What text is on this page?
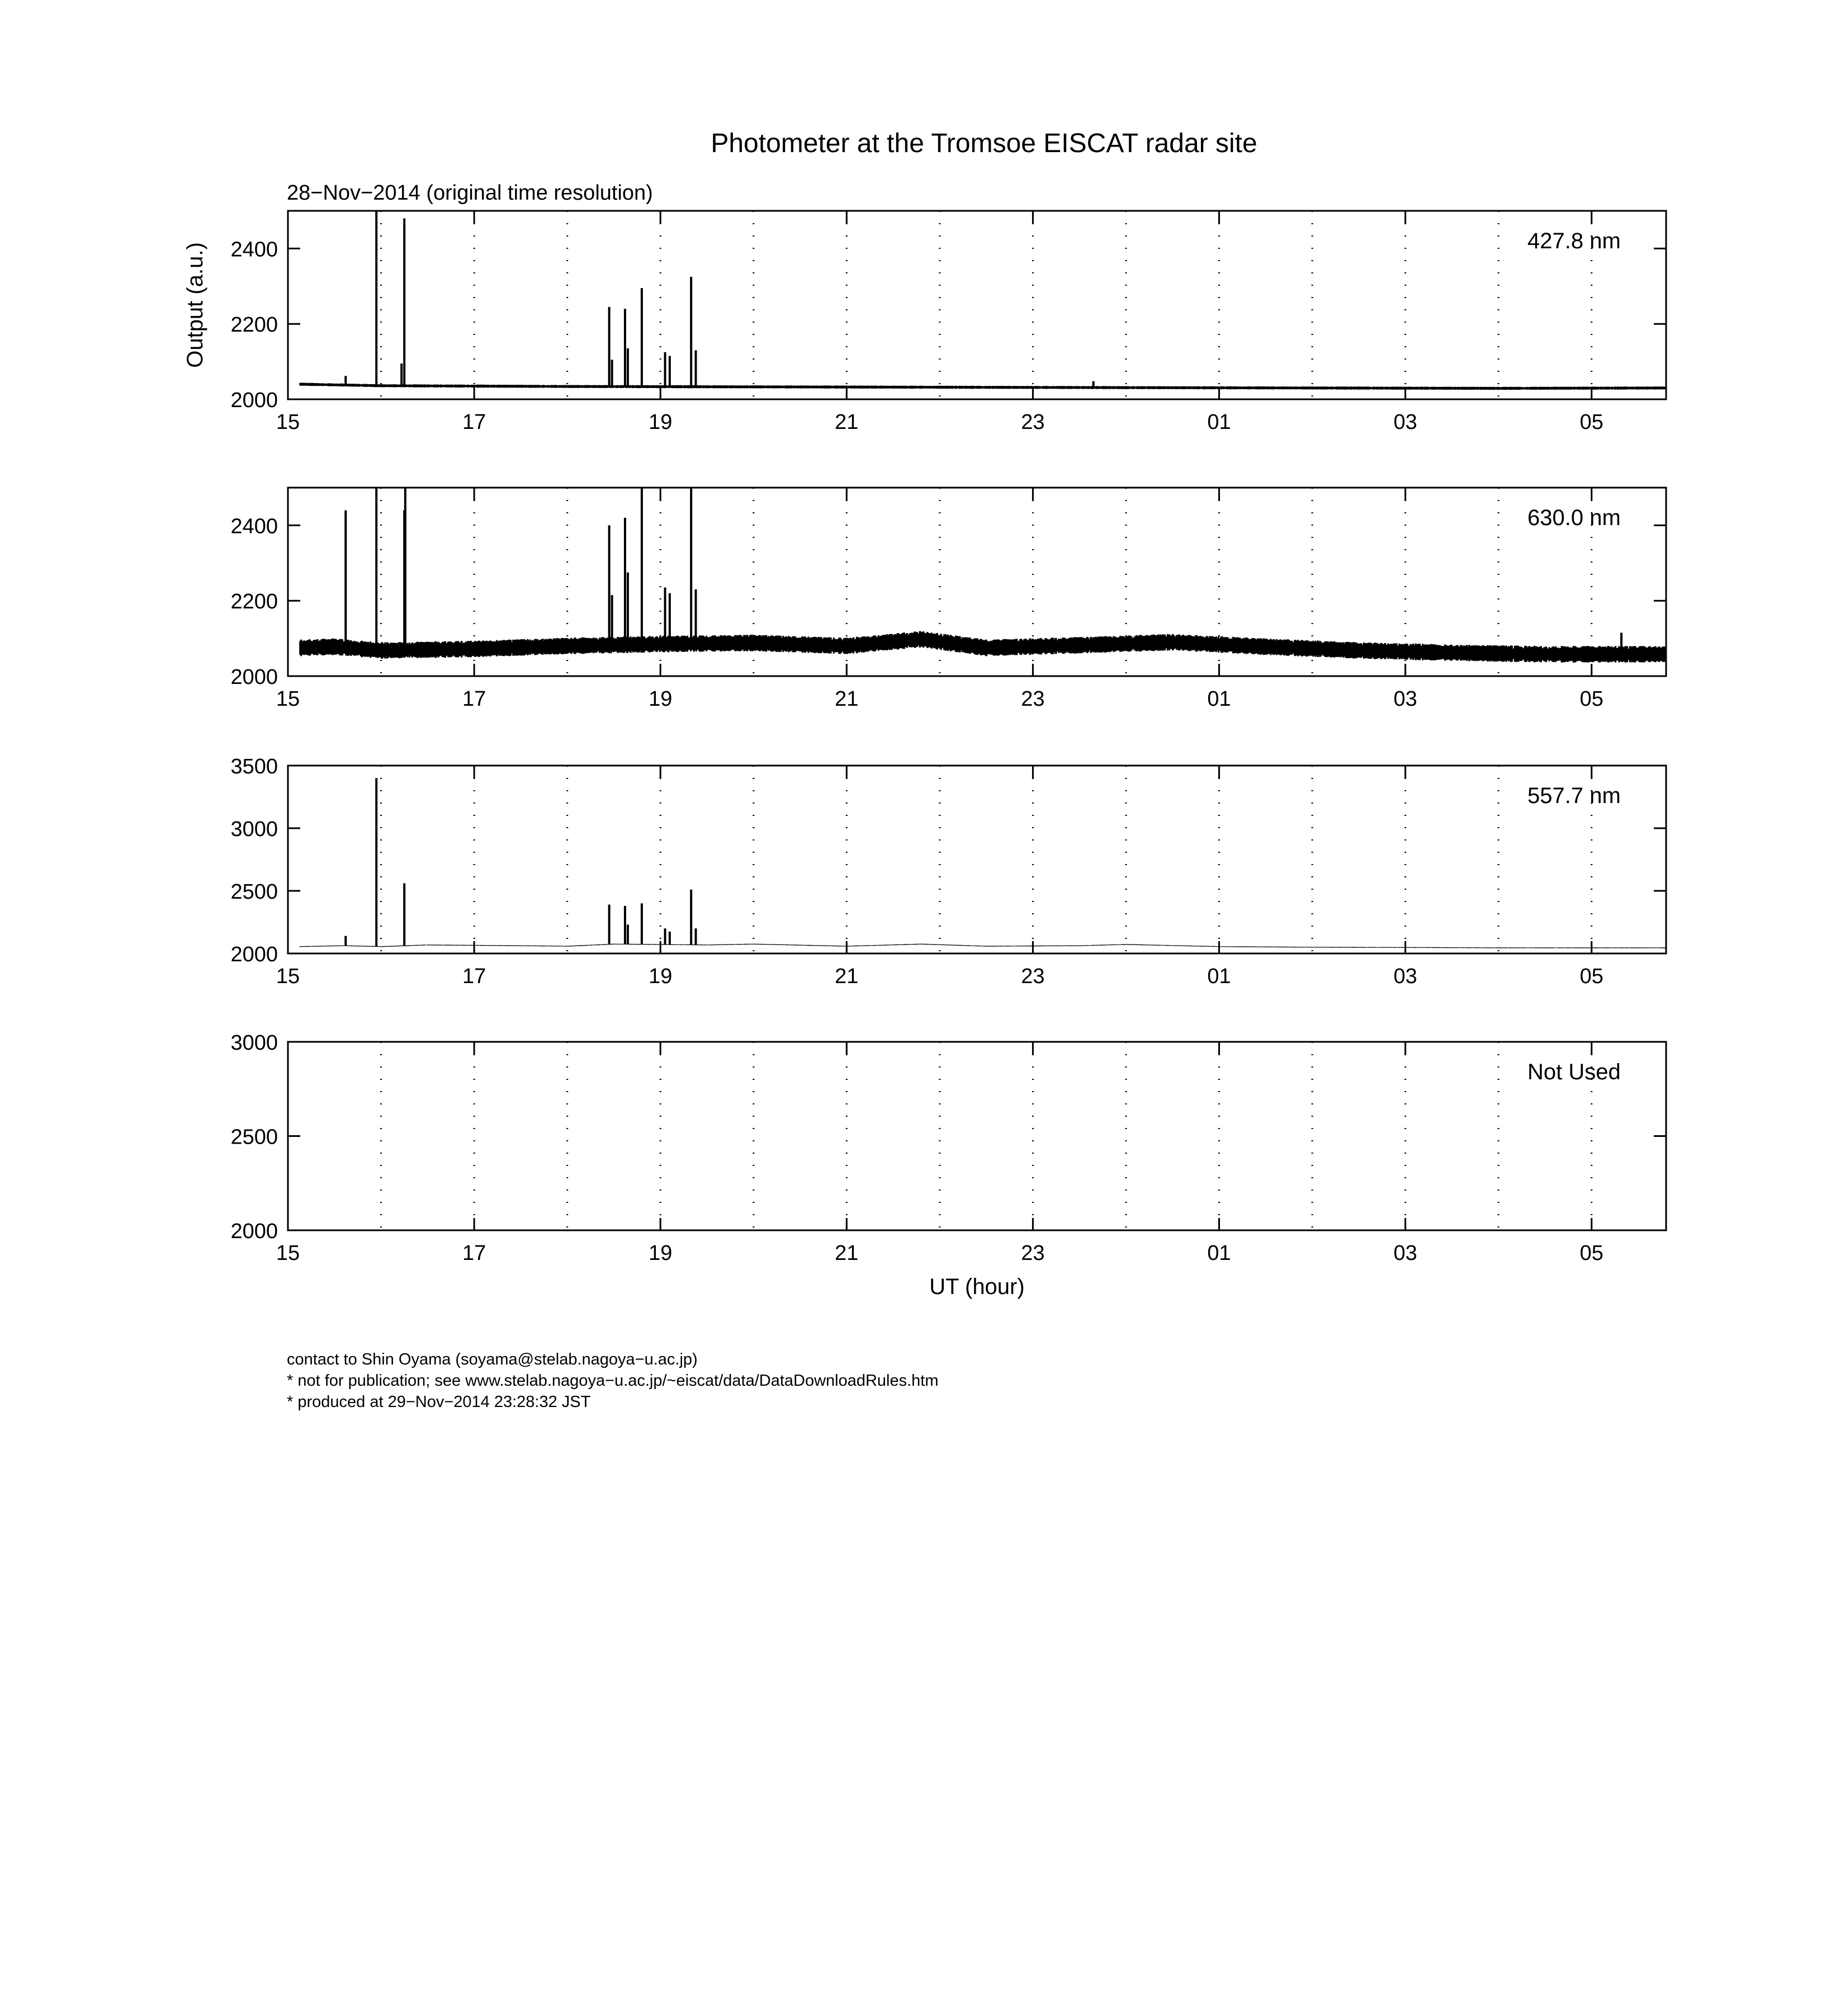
Photometer at the Tromsoe EISCAT radar site
28−Nov−2014 (original time resolution)
15	17	19	21	23	01	03	05
2000
2200
2400	427.8 nm
Output (a.u.)
15	17	19	21	23	01	03	05
2000
2200
2400	630.0 nm
15	17	19	21	23	01	03	05
2000
2500
3000
3500
557.7 nm
15	17	19	21	23	01	03	05
2000
2500
3000
Not Used
UT (hour)
contact to Shin Oyama (soyama@stelab.nagoya−u.ac.jp)
* not for publication; see www.stelab.nagoya−u.ac.jp/~eiscat/data/DataDownloadRules.htm
* produced at 29−Nov−2014 23:28:32 JST
